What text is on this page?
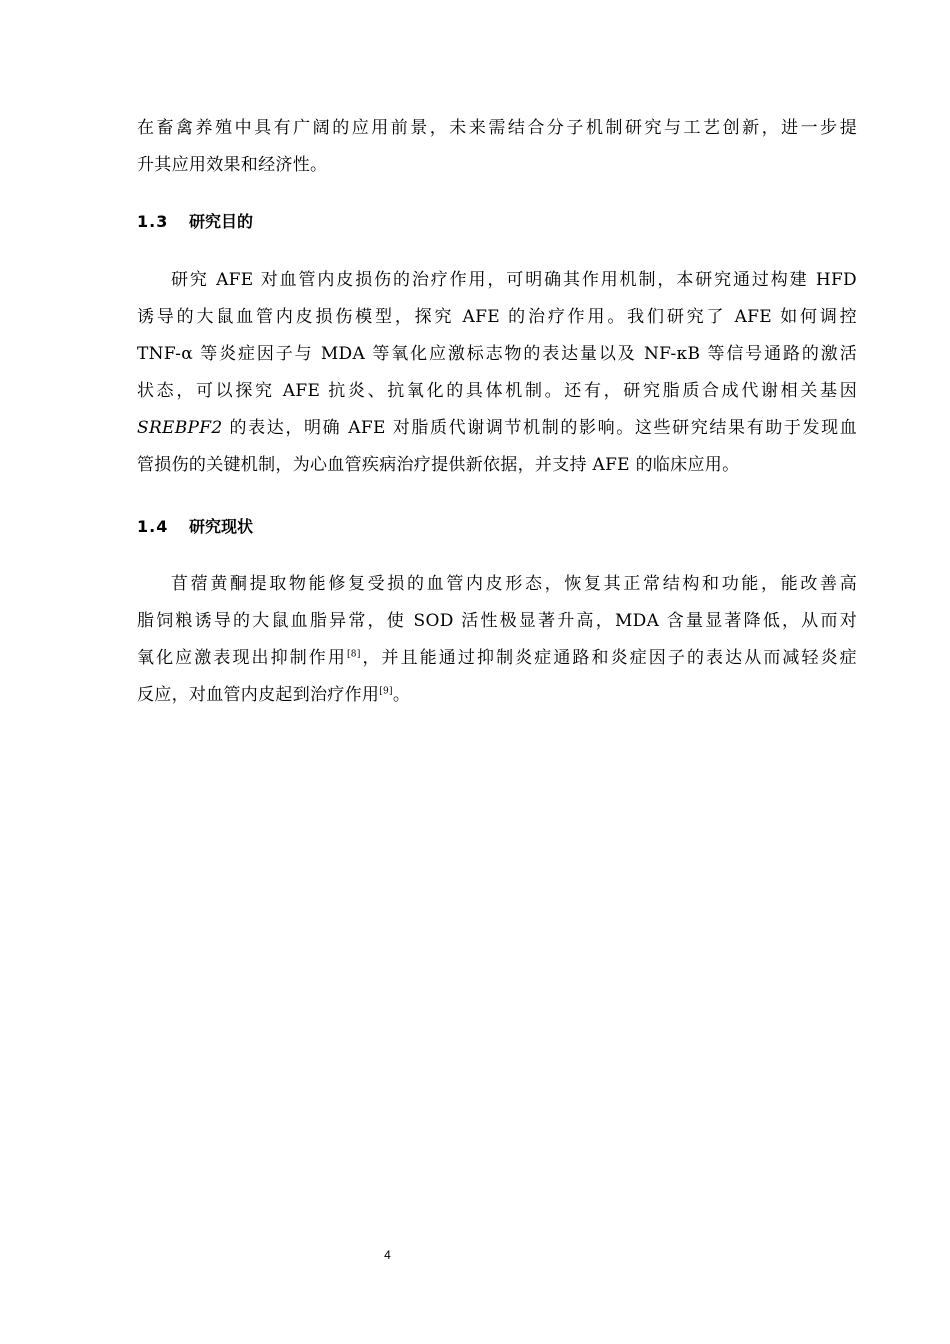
在畜禽养殖中具有广阔的应用前景，未来需结合分子机制研究与工艺创新，进一步提
升其应用效果和经济性。
1.3 研究目的
研究 AFE 对血管内皮损伤的治疗作用，可明确其作用机制，本研究通过构建 HFD
诱导的大鼠血管内皮损伤模型，探究 AFE 的治疗作用。我们研究了 AFE 如何调控
TNF-α 等炎症因子与 MDA 等氧化应激标志物的表达量以及 NF-κB 等信号通路的激活
状态，可以探究 AFE 抗炎、抗氧化的具体机制。还有，研究脂质合成代谢相关基因
SREBPF2 的表达，明确 AFE 对脂质代谢调节机制的影响。这些研究结果有助于发现血
管损伤的关键机制，为心血管疾病治疗提供新依据，并支持 AFE 的临床应用。
1.4 研究现状
苜蓿黄酮提取物能修复受损的血管内皮形态，恢复其正常结构和功能，能改善高
脂饲粮诱导的大鼠血脂异常，使 SOD 活性极显著升高，MDA 含量显著降低，从而对
氧化应激表现出抑制作用[8]，并且能通过抑制炎症通路和炎症因子的表达从而减轻炎症
反应，对血管内皮起到治疗作用[9]。
4
